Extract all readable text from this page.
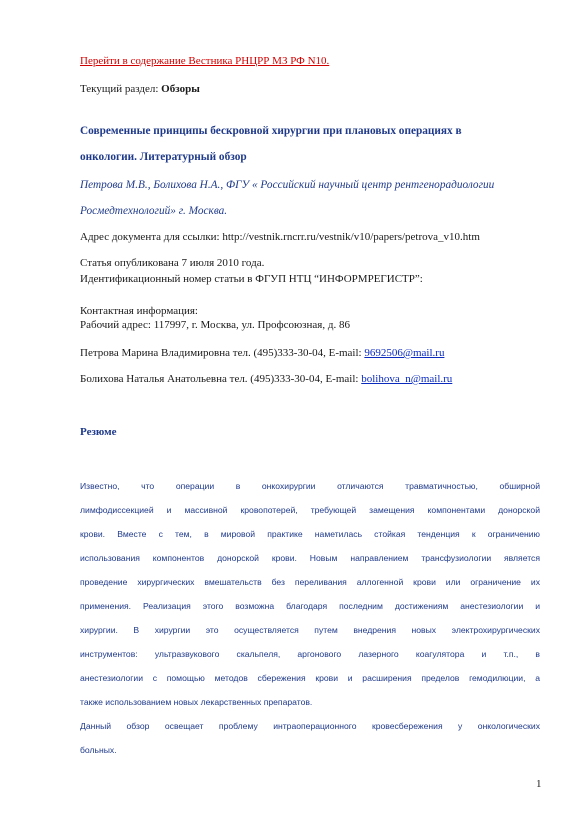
Перейти в содержание Вестника РНЦРР МЗ РФ N10.

Текущий раздел: Обзоры

Современные принципы бескровной хирургии при плановых операциях в
онкологии. Литературный обзор
Петрова М.В., Болихова Н.А., ФГУ « Российский научный центр рентгенорадиологии
Росмедтехнологий» г. Москва.

Адрес документа для ссылки: http://vestnik.rncrr.ru/vestnik/v10/papers/petrova_v10.htm

Статья опубликована 7 июля 2010 года.

Идентификационный номер статьи в ФГУП НТЦ “ИНФОРМРЕГИСТР”:

Контактная информация:

Рабочий адрес: 117997, г. Москва, ул. Профсоюзная, д. 86

Петрова Марина Владимировна тел. (495)333-30-04, E-mail: 9692506@mail.ru

Болихова Наталья Анатольевна тел. (495)333-30-04, E-mail: bolihova_n@mail.ru

Резюме

Известно, что операции в онкохирургии отличаются травматичностью, обширной

лимфодиссекцией и массивной кровопотерей, требующей замещения компонентами донорской

крови. Вместе с тем, в мировой практике наметилась стойкая тенденция к ограничению

использования компонентов донорской крови. Новым направлением трансфузиологии является

проведение хирургических вмешательств без переливания аллогенной крови или ограничение их

применения. Реализация этого возможна благодаря последним достижениям анестезиологии и

хирургии. В хирургии это осуществляется путем внедрения новых электрохирургических

инструментов: ультразвукового скальпеля, аргонового лазерного коагулятора и т.п., в

анестезиологии с помощью методов сбережения крови и расширения пределов гемодилюции, а

также использованием новых лекарственных препаратов.

Данный обзор освещает проблему интраоперационного кровесбережения у онкологических

больных.

1
